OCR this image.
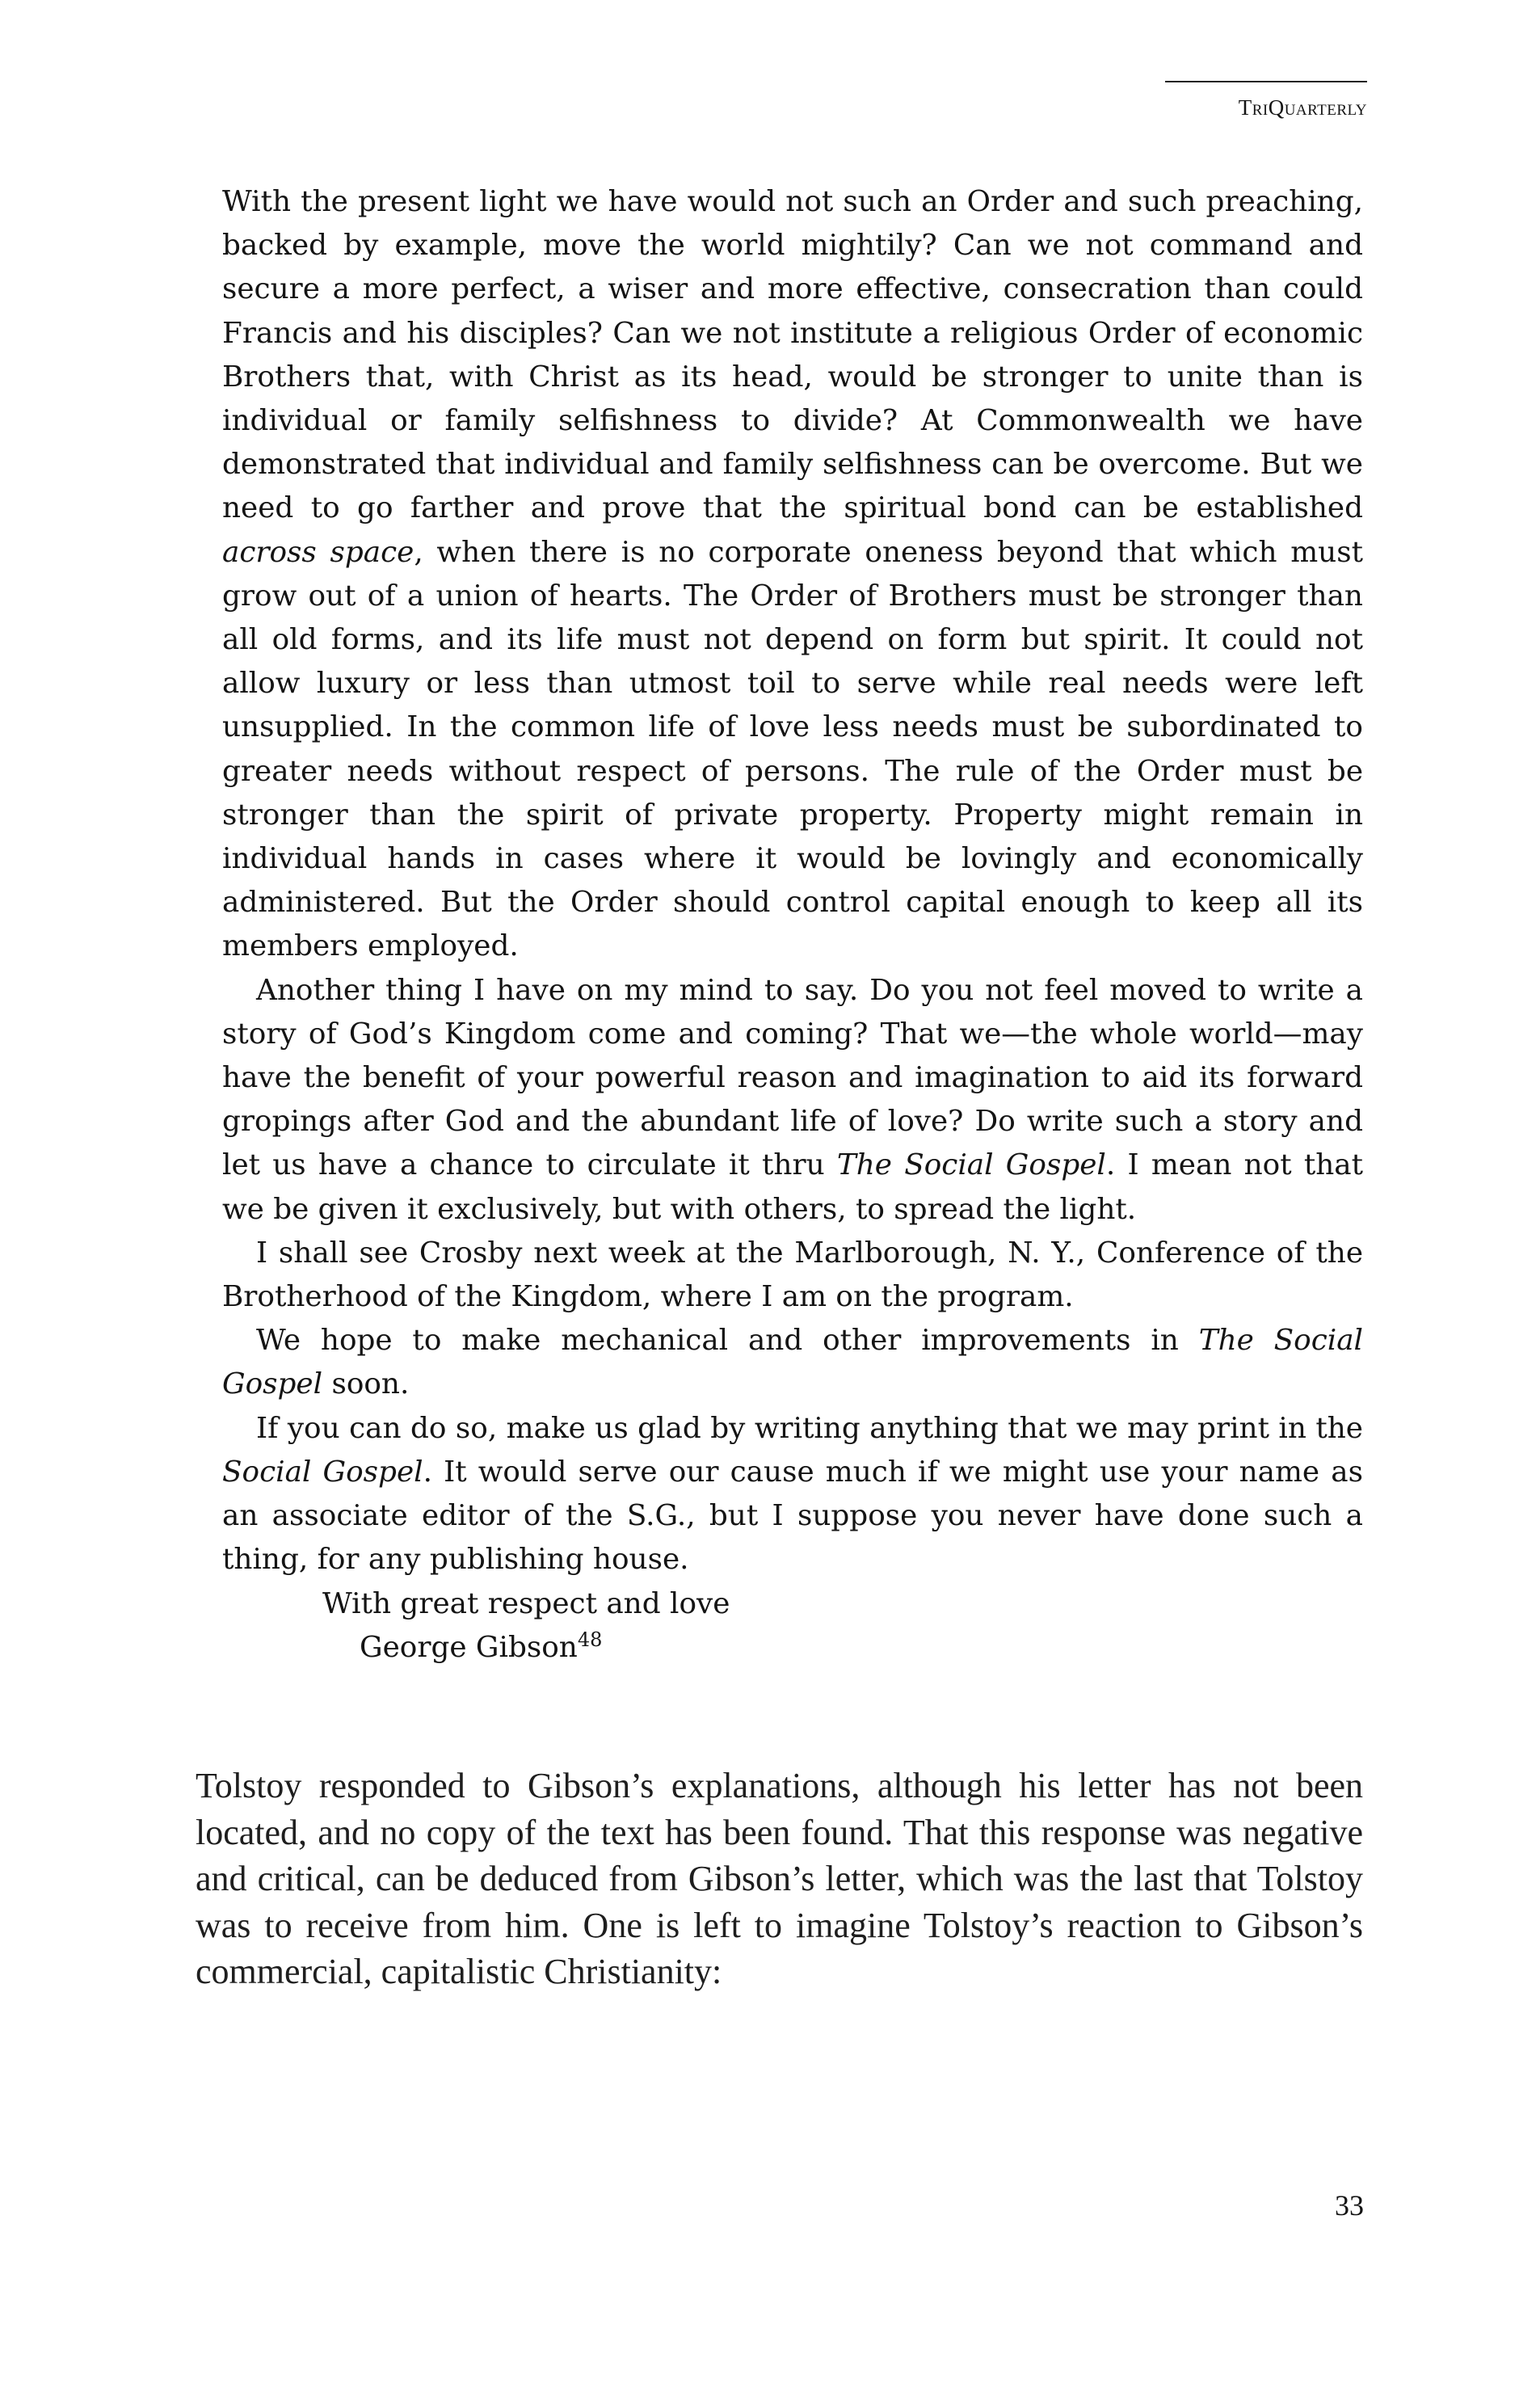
TriQuarterly

With the present light we have would not such an Order and such preaching, backed by example, move the world mightily? Can we not command and secure a more perfect, a wiser and more effective, consecration than could Francis and his disciples? Can we not institute a religious Order of economic Brothers that, with Christ as its head, would be stronger to unite than is individual or family selfishness to divide? At Commonwealth we have demonstrated that individual and family selfishness can be overcome. But we need to go farther and prove that the spiritual bond can be established across space, when there is no corporate oneness beyond that which must grow out of a union of hearts. The Order of Brothers must be stronger than all old forms, and its life must not depend on form but spirit. It could not allow luxury or less than utmost toil to serve while real needs were left unsupplied. In the common life of love less needs must be subordinated to greater needs without respect of persons. The rule of the Order must be stronger than the spirit of private property. Property might remain in individual hands in cases where it would be lovingly and economically administered. But the Order should control capital enough to keep all its members employed.

Another thing I have on my mind to say. Do you not feel moved to write a story of God’s Kingdom come and coming? That we—the whole world—may have the benefit of your powerful reason and imagination to aid its forward gropings after God and the abundant life of love? Do write such a story and let us have a chance to circulate it thru The Social Gospel. I mean not that we be given it exclusively, but with others, to spread the light.

I shall see Crosby next week at the Marlborough, N. Y., Conference of the Brotherhood of the Kingdom, where I am on the program.

We hope to make mechanical and other improvements in The Social Gospel soon.

If you can do so, make us glad by writing anything that we may print in the Social Gospel. It would serve our cause much if we might use your name as an associate editor of the S.G., but I suppose you never have done such a thing, for any publishing house.

With great respect and love

George Gibson$^{48}$

Tolstoy responded to Gibson’s explanations, although his letter has not been located, and no copy of the text has been found. That this response was negative and critical, can be deduced from Gibson’s letter, which was the last that Tolstoy was to receive from him. One is left to imagine Tolstoy’s reaction to Gibson’s commercial, capitalistic Christianity:

33
